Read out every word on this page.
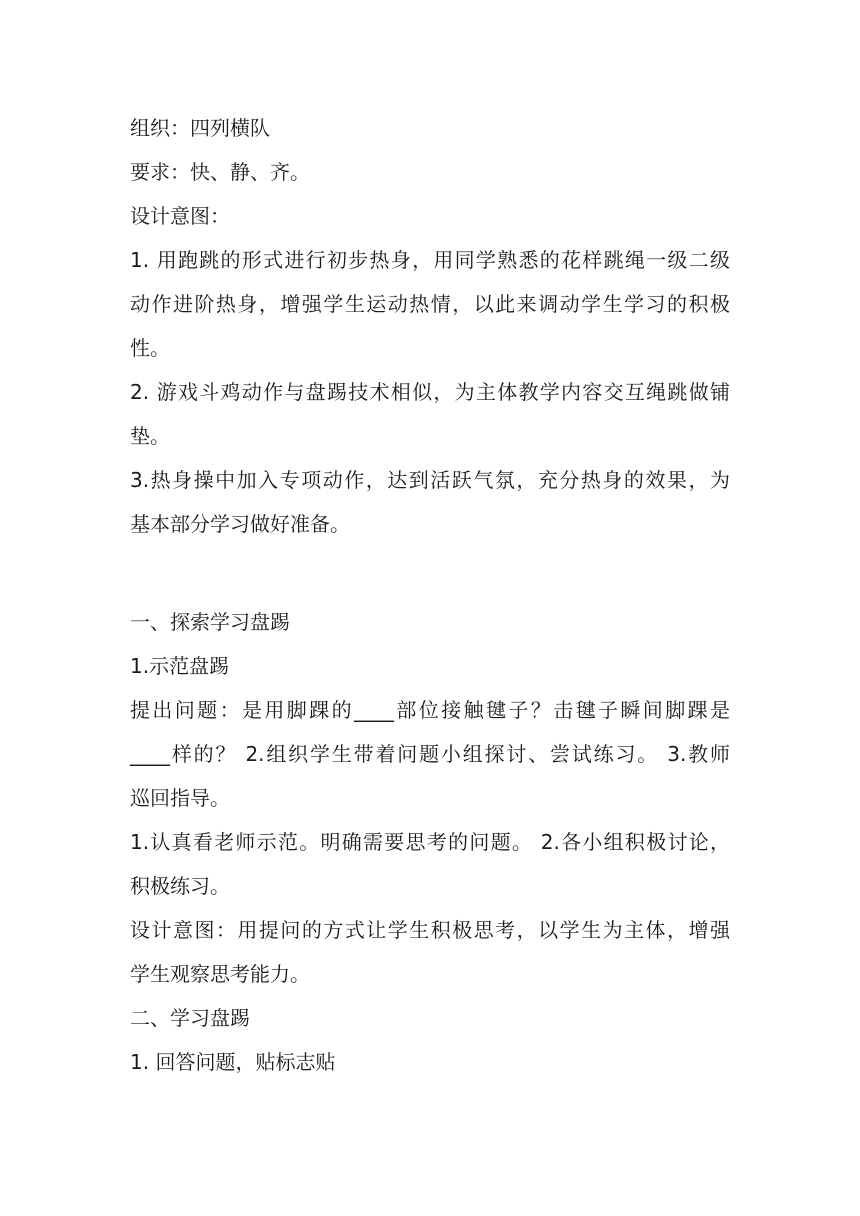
组织：四列横队
要求：快、静、齐。
设计意图：
1. 用跑跳的形式进行初步热身，用同学熟悉的花样跳绳一级二级
动作进阶热身，增强学生运动热情，以此来调动学生学习的积极
性。
2. 游戏斗鸡动作与盘踢技术相似，为主体教学内容交互绳跳做铺
垫。
3.热身操中加入专项动作，达到活跃气氛，充分热身的效果，为
基本部分学习做好准备。
一、探索学习盘踢
1.示范盘踢
提出问题：是用脚踝的____部位接触毽子？击毽子瞬间脚踝是
____样的？ 2.组织学生带着问题小组探讨、尝试练习。 3.教师
巡回指导。
1.认真看老师示范。明确需要思考的问题。 2.各小组积极讨论，
积极练习。
设计意图：用提问的方式让学生积极思考，以学生为主体，增强
学生观察思考能力。
二、学习盘踢
1. 回答问题，贴标志贴
